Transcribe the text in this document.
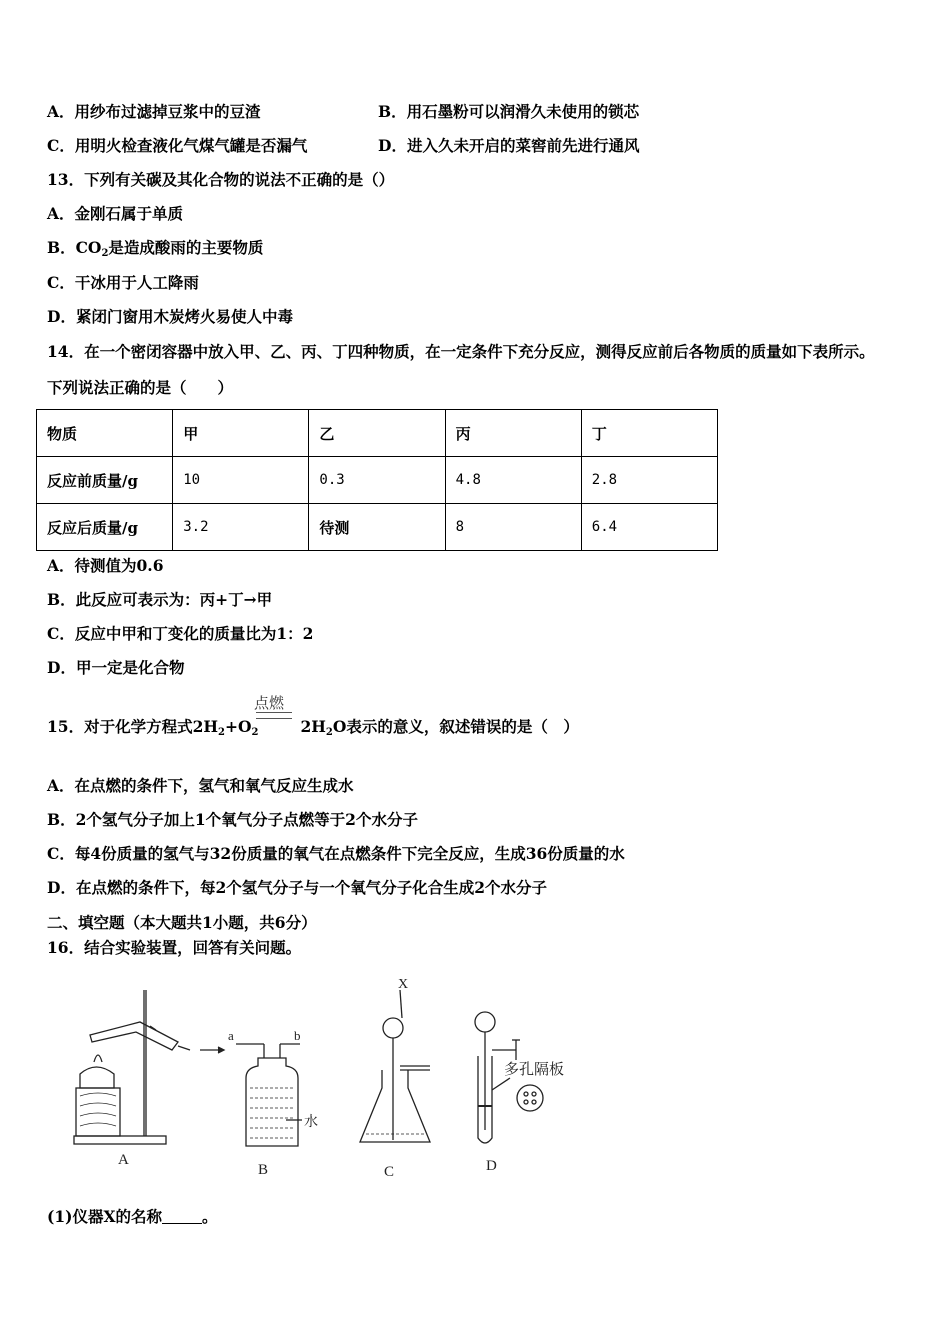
A．用纱布过滤掉豆浆中的豆渣	B．用石墨粉可以润滑久未使用的锁芯
C．用明火检查液化气煤气罐是否漏气	D．进入久未开启的菜窖前先进行通风
13．下列有关碳及其化合物的说法不正确的是（）
A．金刚石属于单质
B．$CO_2$是造成酸雨的主要物质
C．干冰用于人工降雨
D．紧闭门窗用木炭烤火易使人中毒
14．在一个密闭容器中放入甲、乙、丙、丁四种物质，在一定条件下充分反应，测得反应前后各物质的质量如下表所示。
下列说法正确的是（　　）
物质	甲	乙	丙	丁
反应前质量/g	10	0.3	4.8	2.8
反应后质量/g	3.2	待测	8	6.4
A．待测值为0.6
B．此反应可表示为：丙+丁→甲
C．反应中甲和丁变化的质量比为1：2
D．甲一定是化合物
点燃
15．对于化学方程式$2H_2+O_2$	$2H_2O$表示的意义，叙述错误的是（　）
A．在点燃的条件下，氢气和氧气反应生成水
B．2个氢气分子加上1个氧气分子点燃等于2个水分子
C．每4份质量的氢气与32份质量的氧气在点燃条件下完全反应，生成36份质量的水
D．在点燃的条件下，每2个氢气分子与一个氧气分子化合生成2个水分子
二、填空题（本大题共1小题，共6分）
16．结合实验装置，回答有关问题。
A
B	C	D
a	b
水
X
多孔隔板
(1)仪器X的名称	。
